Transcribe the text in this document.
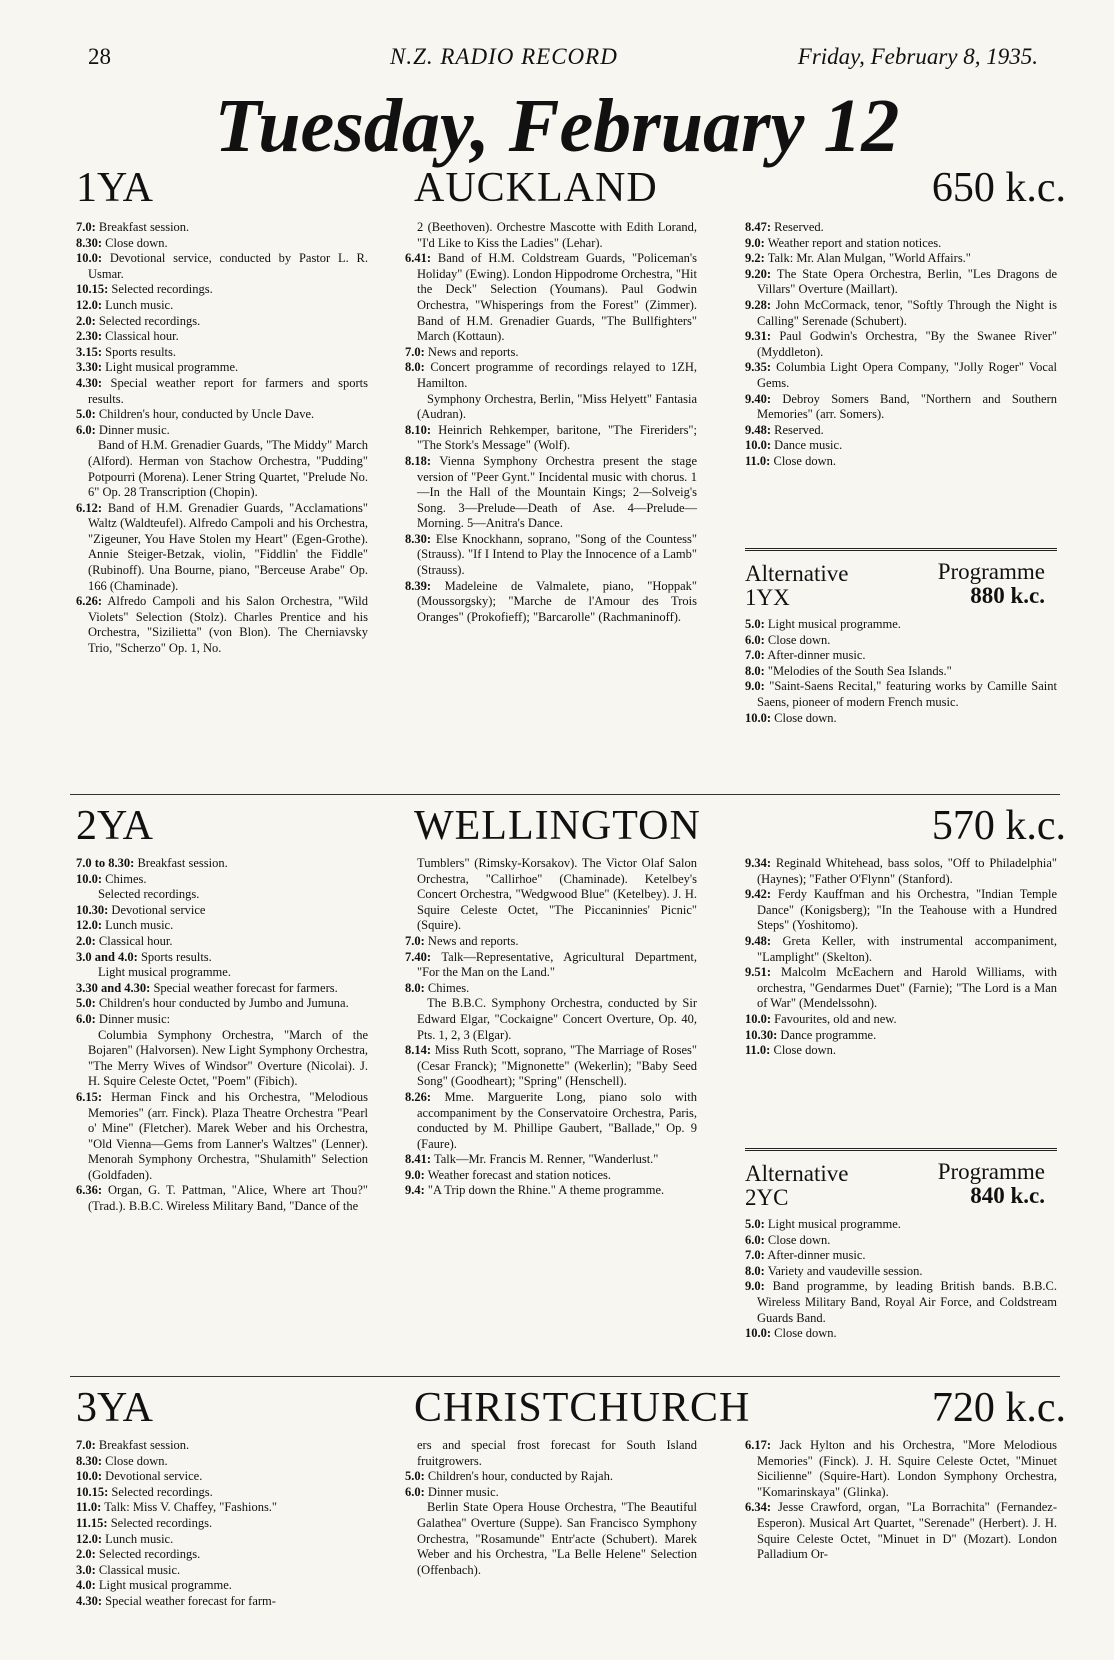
28	N.Z. RADIO RECORD	Friday, February 8, 1935.
Tuesday, February 12
1YA	AUCKLAND	650 k.c.

7.0: Breakfast session.

8.30: Close down.

10.0: Devotional service, conducted by Pastor L. R. Usmar.

10.15: Selected recordings.

12.0: Lunch music.

2.0: Selected recordings.

2.30: Classical hour.

3.15: Sports results.

3.30: Light musical programme.

4.30: Special weather report for farmers and sports results.

5.0: Children's hour, conducted by Uncle Dave.

6.0: Dinner music.

Band of H.M. Grenadier Guards, "The Middy" March (Alford). Herman von Stachow Orchestra, "Pudding" Potpourri (Morena). Lener String Quartet, "Prelude No. 6" Op. 28 Transcription (Chopin).

6.12: Band of H.M. Grenadier Guards, "Acclamations" Waltz (Waldteufel). Alfredo Campoli and his Orchestra, "Zigeuner, You Have Stolen my Heart" (Egen-Grothe). Annie Steiger-Betzak, violin, "Fiddlin' the Fiddle" (Rubinoff). Una Bourne, piano, "Berceuse Arabe" Op. 166 (Chaminade).

6.26: Alfredo Campoli and his Salon Orchestra, "Wild Violets" Selection (Stolz). Charles Prentice and his Orchestra, "Sizilietta" (von Blon). The Cherniavsky Trio, "Scherzo" Op. 1, No.

2 (Beethoven). Orchestre Mascotte with Edith Lorand, "I'd Like to Kiss the Ladies" (Lehar).

6.41: Band of H.M. Coldstream Guards, "Policeman's Holiday" (Ewing). London Hippodrome Orchestra, "Hit the Deck" Selection (Youmans). Paul Godwin Orchestra, "Whisperings from the Forest" (Zimmer). Band of H.M. Grenadier Guards, "The Bullfighters" March (Kottaun).

7.0: News and reports.

8.0: Concert programme of recordings relayed to 1ZH, Hamilton.

Symphony Orchestra, Berlin, "Miss Helyett" Fantasia (Audran).

8.10: Heinrich Rehkemper, baritone, "The Fireriders"; "The Stork's Message" (Wolf).

8.18: Vienna Symphony Orchestra present the stage version of "Peer Gynt." Incidental music with chorus. 1—In the Hall of the Mountain Kings; 2—Solveig's Song. 3—Prelude—Death of Ase. 4—Prelude—Morning. 5—Anitra's Dance.

8.30: Else Knockhann, soprano, "Song of the Countess" (Strauss). "If I Intend to Play the Innocence of a Lamb" (Strauss).

8.39: Madeleine de Valmalete, piano, "Hoppak" (Moussorgsky); "Marche de l'Amour des Trois Oranges" (Prokofieff); "Barcarolle" (Rachmaninoff).

8.47: Reserved.

9.0: Weather report and station notices.

9.2: Talk: Mr. Alan Mulgan, "World Affairs."

9.20: The State Opera Orchestra, Berlin, "Les Dragons de Villars" Overture (Maillart).

9.28: John McCormack, tenor, "Softly Through the Night is Calling" Serenade (Schubert).

9.31: Paul Godwin's Orchestra, "By the Swanee River" (Myddleton).

9.35: Columbia Light Opera Company, "Jolly Roger" Vocal Gems.

9.40: Debroy Somers Band, "Northern and Southern Memories" (arr. Somers).

9.48: Reserved.

10.0: Dance music.

11.0: Close down.

Alternative	Programme
1YX	880 k.c.

5.0: Light musical programme.

6.0: Close down.

7.0: After-dinner music.

8.0: "Melodies of the South Sea Islands."

9.0: "Saint-Saens Recital," featuring works by Camille Saint Saens, pioneer of modern French music.

10.0: Close down.

2YA	WELLINGTON	570 k.c.

7.0 to 8.30: Breakfast session.

10.0: Chimes.

Selected recordings.

10.30: Devotional service

12.0: Lunch music.

2.0: Classical hour.

3.0 and 4.0: Sports results.

Light musical programme.

3.30 and 4.30: Special weather forecast for farmers.

5.0: Children's hour conducted by Jumbo and Jumuna.

6.0: Dinner music:

Columbia Symphony Orchestra, "March of the Bojaren" (Halvorsen). New Light Symphony Orchestra, "The Merry Wives of Windsor" Overture (Nicolai). J. H. Squire Celeste Octet, "Poem" (Fibich).

6.15: Herman Finck and his Orchestra, "Melodious Memories" (arr. Finck). Plaza Theatre Orchestra "Pearl o' Mine" (Fletcher). Marek Weber and his Orchestra, "Old Vienna—Gems from Lanner's Waltzes" (Lenner). Menorah Symphony Orchestra, "Shulamith" Selection (Goldfaden).

6.36: Organ, G. T. Pattman, "Alice, Where art Thou?" (Trad.). B.B.C. Wireless Military Band, "Dance of the

Tumblers" (Rimsky-Korsakov). The Victor Olaf Salon Orchestra, "Callirhoe" (Chaminade). Ketelbey's Concert Orchestra, "Wedgwood Blue" (Ketelbey). J. H. Squire Celeste Octet, "The Piccaninnies' Picnic" (Squire).

7.0: News and reports.

7.40: Talk—Representative, Agricultural Department, "For the Man on the Land."

8.0: Chimes.

The B.B.C. Symphony Orchestra, conducted by Sir Edward Elgar, "Cockaigne" Concert Overture, Op. 40, Pts. 1, 2, 3 (Elgar).

8.14: Miss Ruth Scott, soprano, "The Marriage of Roses" (Cesar Franck); "Mignonette" (Wekerlin); "Baby Seed Song" (Goodheart); "Spring" (Henschell).

8.26: Mme. Marguerite Long, piano solo with accompaniment by the Conservatoire Orchestra, Paris, conducted by M. Phillipe Gaubert, "Ballade," Op. 9 (Faure).

8.41: Talk—Mr. Francis M. Renner, "Wanderlust."

9.0: Weather forecast and station notices.

9.4: "A Trip down the Rhine." A theme programme.

9.34: Reginald Whitehead, bass solos, "Off to Philadelphia" (Haynes); "Father O'Flynn" (Stanford).

9.42: Ferdy Kauffman and his Orchestra, "Indian Temple Dance" (Konigsberg); "In the Teahouse with a Hundred Steps" (Yoshitomo).

9.48: Greta Keller, with instrumental accompaniment, "Lamplight" (Skelton).

9.51: Malcolm McEachern and Harold Williams, with orchestra, "Gendarmes Duet" (Farnie); "The Lord is a Man of War" (Mendelssohn).

10.0: Favourites, old and new.

10.30: Dance programme.

11.0: Close down.

Alternative	Programme
2YC	840 k.c.

5.0: Light musical programme.

6.0: Close down.

7.0: After-dinner music.

8.0: Variety and vaudeville session.

9.0: Band programme, by leading British bands. B.B.C. Wireless Military Band, Royal Air Force, and Coldstream Guards Band.

10.0: Close down.

3YA	CHRISTCHURCH	720 k.c.

7.0: Breakfast session.

8.30: Close down.

10.0: Devotional service.

10.15: Selected recordings.

11.0: Talk: Miss V. Chaffey, "Fashions."

11.15: Selected recordings.

12.0: Lunch music.

2.0: Selected recordings.

3.0: Classical music.

4.0: Light musical programme.

4.30: Special weather forecast for farm-

ers and special frost forecast for South Island fruitgrowers.

5.0: Children's hour, conducted by Rajah.

6.0: Dinner music.

Berlin State Opera House Orchestra, "The Beautiful Galathea" Overture (Suppe). San Francisco Symphony Orchestra, "Rosamunde" Entr'acte (Schubert). Marek Weber and his Orchestra, "La Belle Helene" Selection (Offenbach).

6.17: Jack Hylton and his Orchestra, "More Melodious Memories" (Finck). J. H. Squire Celeste Octet, "Minuet Sicilienne" (Squire-Hart). London Symphony Orchestra, "Komarinskaya" (Glinka).

6.34: Jesse Crawford, organ, "La Borrachita" (Fernandez-Esperon). Musical Art Quartet, "Serenade" (Herbert). J. H. Squire Celeste Octet, "Minuet in D" (Mozart). London Palladium Or-
